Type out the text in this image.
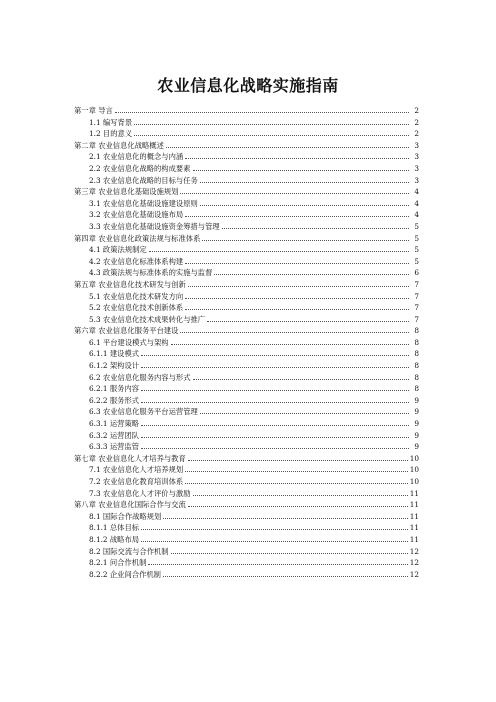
农业信息化战略实施指南
第一章 导言	2
1.1 编写背景	2
1.2 目的意义	2
第二章 农业信息化战略概述	3
2.1 农业信息化的概念与内涵	3
2.2 农业信息化战略的构成要素	3
2.3 农业信息化战略的目标与任务	3
第三章 农业信息化基础设施规划	4
3.1 农业信息化基础设施建设原则	4
3.2 农业信息化基础设施布局	4
3.3 农业信息化基础设施资金筹措与管理	5
第四章 农业信息化政策法规与标准体系	5
4.1 政策法规制定	5
4.2 农业信息化标准体系构建	5
4.3 政策法规与标准体系的实施与监督	6
第五章 农业信息化技术研发与创新	7
5.1 农业信息化技术研发方向	7
5.2 农业信息化技术创新体系	7
5.3 农业信息化技术成果转化与推广	7
第六章 农业信息化服务平台建设	8
6.1 平台建设模式与架构	8
6.1.1 建设模式	8
6.1.2 架构设计	8
6.2 农业信息化服务内容与形式	8
6.2.1 服务内容	8
6.2.2 服务形式	9
6.3 农业信息化服务平台运营管理	9
6.3.1 运营策略	9
6.3.2 运营团队	9
6.3.3 运营监管	9
第七章 农业信息化人才培养与教育	10
7.1 农业信息化人才培养规划	10
7.2 农业信息化教育培训体系	10
7.3 农业信息化人才评价与激励	11
第八章 农业信息化国际合作与交流	11
8.1 国际合作战略规划	11
8.1.1 总体目标	11
8.1.2 战略布局	11
8.2 国际交流与合作机制	12
8.2.1 问合作机制	12
8.2.2 企业间合作机制	12
